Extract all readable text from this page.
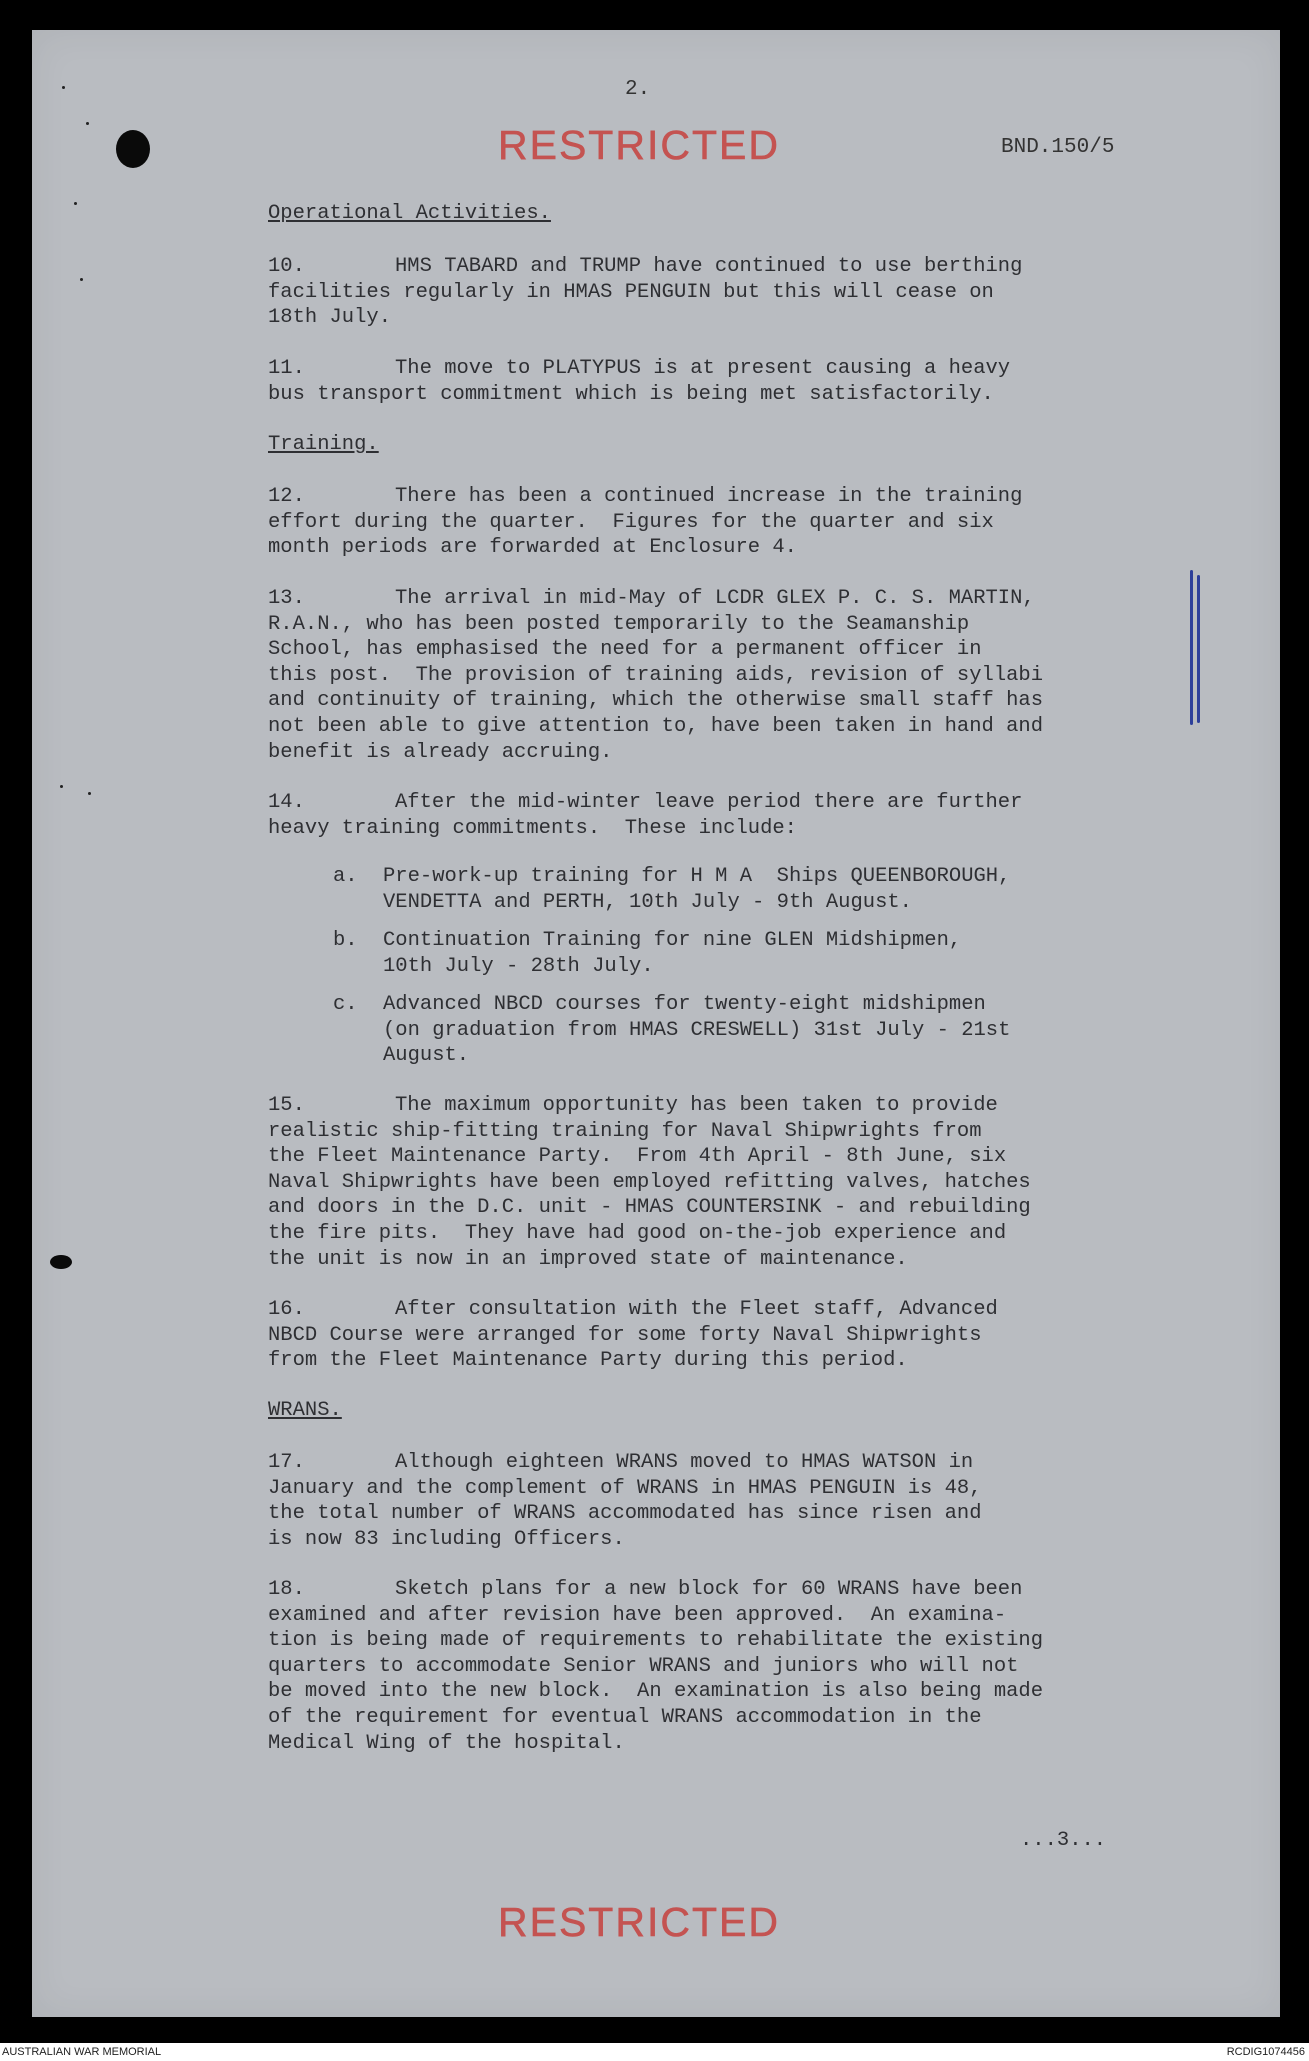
2.
RESTRICTED	BND.150/5
Operational Activities.
10.	HMS TABARD and TRUMP have continued to use berthing
facilities regularly in HMAS PENGUIN but this will cease on
18th July.
11.	The move to PLATYPUS is at present causing a heavy
bus transport commitment which is being met satisfactorily.
Training.
12.	There has been a continued increase in the training
effort during the quarter.  Figures for the quarter and six
month periods are forwarded at Enclosure 4.
13.	The arrival in mid-May of LCDR GLEX P. C. S. MARTIN,
R.A.N., who has been posted temporarily to the Seamanship
School, has emphasised the need for a permanent officer in
this post.  The provision of training aids, revision of syllabi
and continuity of training, which the otherwise small staff has
not been able to give attention to, have been taken in hand and
benefit is already accruing.
14.	After the mid-winter leave period there are further
heavy training commitments.  These include:
a. Pre-work-up training for H M A  Ships QUEENBOROUGH,
VENDETTA and PERTH, 10th July - 9th August.
b. Continuation Training for nine GLEN Midshipmen,
10th July - 28th July.
c. Advanced NBCD courses for twenty-eight midshipmen
(on graduation from HMAS CRESWELL) 31st July - 21st
August.
15.	The maximum opportunity has been taken to provide
realistic ship-fitting training for Naval Shipwrights from
the Fleet Maintenance Party.  From 4th April - 8th June, six
Naval Shipwrights have been employed refitting valves, hatches
and doors in the D.C. unit - HMAS COUNTERSINK - and rebuilding
the fire pits.  They have had good on-the-job experience and
the unit is now in an improved state of maintenance.
16.	After consultation with the Fleet staff, Advanced
NBCD Course were arranged for some forty Naval Shipwrights
from the Fleet Maintenance Party during this period.
WRANS.
17.	Although eighteen WRANS moved to HMAS WATSON in
January and the complement of WRANS in HMAS PENGUIN is 48,
the total number of WRANS accommodated has since risen and
is now 83 including Officers.
18.	Sketch plans for a new block for 60 WRANS have been
examined and after revision have been approved.  An examina-
tion is being made of requirements to rehabilitate the existing
quarters to accommodate Senior WRANS and juniors who will not
be moved into the new block.  An examination is also being made
of the requirement for eventual WRANS accommodation in the
Medical Wing of the hospital.
...3...
RESTRICTED
AUSTRALIAN WAR MEMORIAL	RCDIG1074456
